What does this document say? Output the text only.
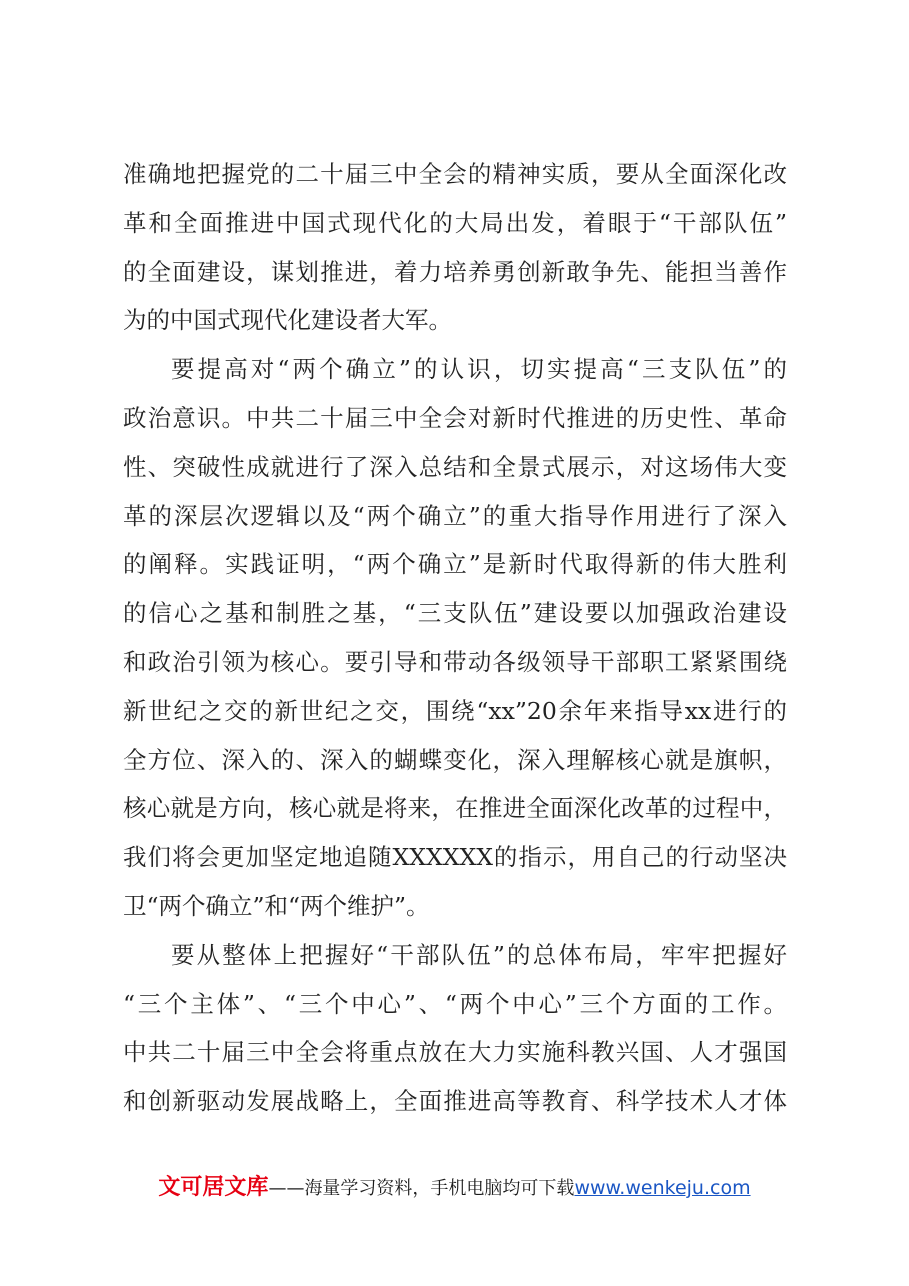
准确地把握党的二十届三中全会的精神实质，要从全面深化改
革和全面推进中国式现代化的大局出发，着眼于“干部队伍”
的全面建设，谋划推进，着力培养勇创新敢争先、能担当善作
为的中国式现代化建设者大军。
要提高对“两个确立”的认识，切实提高“三支队伍”的
政治意识。中共二十届三中全会对新时代推进的历史性、革命
性、突破性成就进行了深入总结和全景式展示，对这场伟大变
革的深层次逻辑以及“两个确立”的重大指导作用进行了深入
的阐释。实践证明，“两个确立”是新时代取得新的伟大胜利
的信心之基和制胜之基，“三支队伍”建设要以加强政治建设
和政治引领为核心。要引导和带动各级领导干部职工紧紧围绕
新世纪之交的新世纪之交，围绕“xx”20余年来指导xx进行的
全方位、深入的、深入的蝴蝶变化，深入理解核心就是旗帜，
核心就是方向，核心就是将来，在推进全面深化改革的过程中，
我们将会更加坚定地追随XXXXXX的指示，用自己的行动坚决
卫“两个确立”和“两个维护”。
要从整体上把握好“干部队伍”的总体布局，牢牢把握好
“三个主体”、“三个中心”、“两个中心”三个方面的工作。
中共二十届三中全会将重点放在大力实施科教兴国、人才强国
和创新驱动发展战略上，全面推进高等教育、科学技术人才体
文可居文库——海量学习资料，手机电脑均可下载www.wenkeju.com
